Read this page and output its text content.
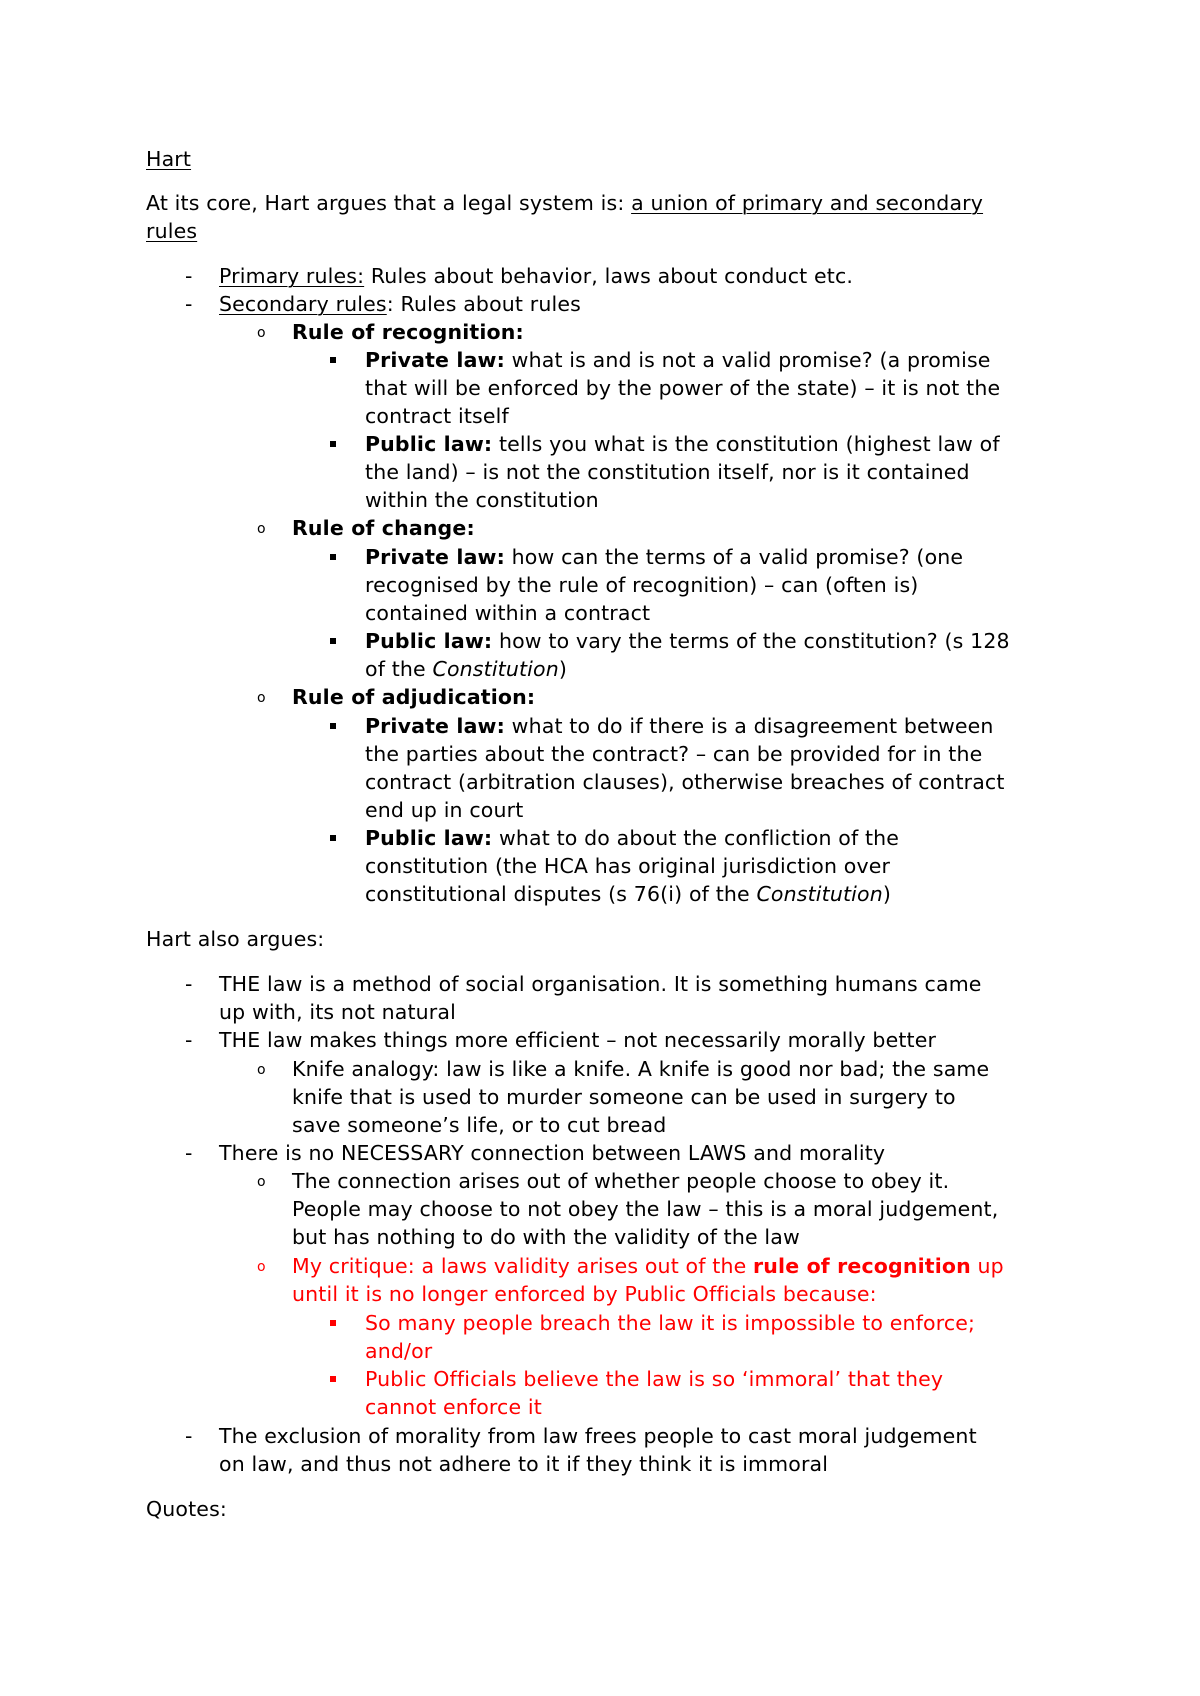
Hart
At its core, Hart argues that a legal system is: a union of primary and secondary
rules
- Primary rules: Rules about behavior, laws about conduct etc.
- Secondary rules: Rules about rules
o Rule of recognition:
Private law: what is and is not a valid promise? (a promise
that will be enforced by the power of the state) – it is not the
contract itself
Public law: tells you what is the constitution (highest law of
the land) – is not the constitution itself, nor is it contained
within the constitution
o Rule of change:
Private law: how can the terms of a valid promise? (one
recognised by the rule of recognition) – can (often is)
contained within a contract
Public law: how to vary the terms of the constitution? (s 128
of the Constitution)
o Rule of adjudication:
Private law: what to do if there is a disagreement between
the parties about the contract? – can be provided for in the
contract (arbitration clauses), otherwise breaches of contract
end up in court
Public law: what to do about the confliction of the
constitution (the HCA has original jurisdiction over
constitutional disputes (s 76(i) of the Constitution)
Hart also argues:
- THE law is a method of social organisation. It is something humans came
up with, its not natural
- THE law makes things more efficient – not necessarily morally better
o Knife analogy: law is like a knife. A knife is good nor bad; the same
knife that is used to murder someone can be used in surgery to
save someone’s life, or to cut bread
- There is no NECESSARY connection between LAWS and morality
o The connection arises out of whether people choose to obey it.
People may choose to not obey the law – this is a moral judgement,
but has nothing to do with the validity of the law
o My critique: a laws validity arises out of the rule of recognition up
until it is no longer enforced by Public Officials because:
So many people breach the law it is impossible to enforce;
and/or
Public Officials believe the law is so ‘immoral’ that they
cannot enforce it
- The exclusion of morality from law frees people to cast moral judgement
on law, and thus not adhere to it if they think it is immoral
Quotes:
